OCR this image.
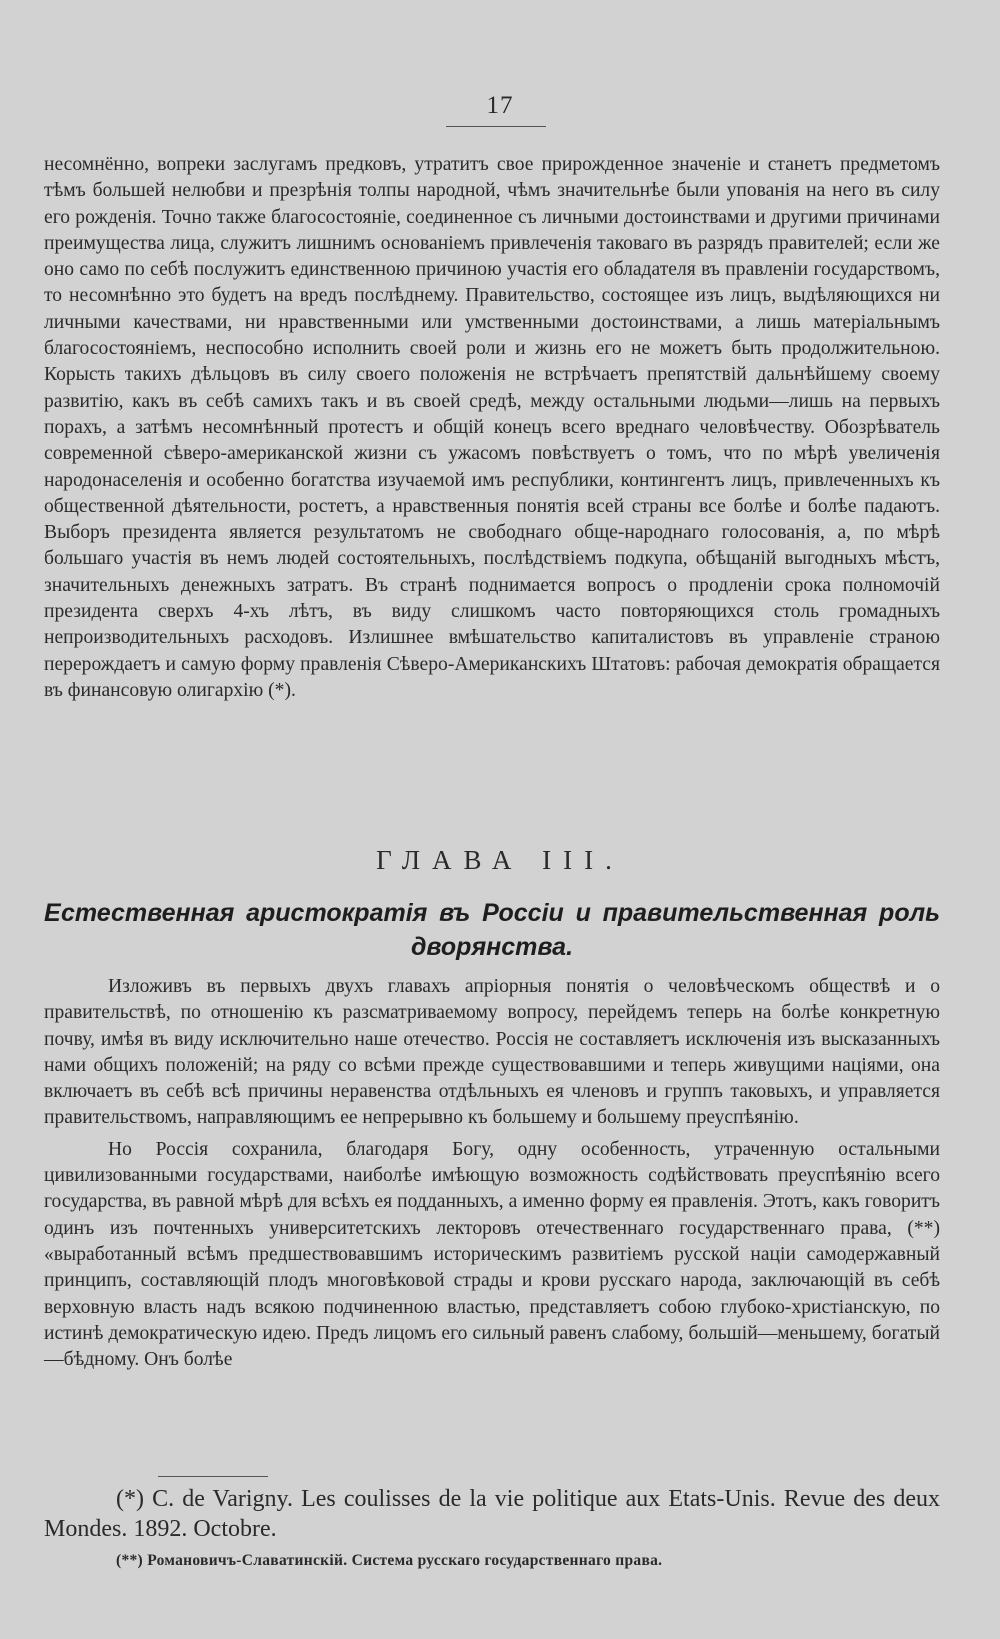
17

несомнённо, вопреки заслугамъ предковъ, утратитъ свое прирожденное значеніе и станетъ предметомъ тѣмъ большей нелюбви и презрѣнія толпы народной, чѣмъ значительнѣе были упованія на него въ силу его рожденія. Точно также благосостояніе, соединенное съ личными достоинствами и другими причинами преимущества лица, служитъ лишнимъ основаніемъ привлеченія таковаго въ разрядъ правителей; если же оно само по себѣ послужитъ единственною причиною участія его обладателя въ правленіи государствомъ, то несомнѣнно это будетъ на вредъ послѣднему. Правительство, состоящее изъ лицъ, выдѣляющихся ни личными качествами, ни нравственными или умственными достоинствами, а лишь матеріальнымъ благосостояніемъ, неспособно исполнить своей роли и жизнь его не можетъ быть продолжительною. Корысть такихъ дѣльцовъ въ силу своего положенія не встрѣчаетъ препятствій дальнѣйшему своему развитію, какъ въ себѣ самихъ такъ и въ своей средѣ, между остальными людьми—лишь на первыхъ порахъ, а затѣмъ несомнѣнный протестъ и общій конецъ всего вреднаго человѣчеству. Обозрѣватель современной сѣверо-американской жизни съ ужасомъ повѣствуетъ о томъ, что по мѣрѣ увеличенія народонаселенія и особенно богатства изучаемой имъ республики, контингентъ лицъ, привлеченныхъ къ общественной дѣятельности, ростетъ, а нравственныя понятія всей страны все болѣе и болѣе падаютъ. Выборъ президента является результатомъ не свободнаго обще-народнаго голосованія, а, по мѣрѣ большаго участія въ немъ людей состоятельныхъ, послѣдствіемъ подкупа, обѣщаній выгодныхъ мѣстъ, значительныхъ денежныхъ затратъ. Въ странѣ поднимается вопросъ о продленіи срока полномочій президента сверхъ 4-хъ лѣтъ, въ виду слишкомъ часто повторяющихся столь громадныхъ непроизводительныхъ расходовъ. Излишнее вмѣшательство капиталистовъ въ управленіе страною перерождаетъ и самую форму правленія Сѣверо-Американскихъ Штатовъ: рабочая демократія обращается въ финансовую олигархію (*).

ГЛАВА III.
Естественная аристократія въ Россіи и правительственная роль дворянства.

Изложивъ въ первыхъ двухъ главахъ апріорныя понятія о человѣческомъ обществѣ и о правительствѣ, по отношенію къ разсматриваемому вопросу, перейдемъ теперь на болѣе конкретную почву, имѣя въ виду исключительно наше отечество. Россія не составляетъ исключенія изъ высказанныхъ нами общихъ положеній; на ряду со всѣми прежде существовавшими и теперь живущими націями, она включаетъ въ себѣ всѣ причины неравенства отдѣльныхъ ея членовъ и группъ таковыхъ, и управляется правительствомъ, направляющимъ ее непрерывно къ большему и большему преуспѣянію.

Но Россія сохранила, благодаря Богу, одну особенность, утраченную остальными цивилизованными государствами, наиболѣе имѣющую возможность содѣйствовать преуспѣянію всего государства, въ равной мѣрѣ для всѣхъ ея подданныхъ, а именно форму ея правленія. Этотъ, какъ говоритъ одинъ изъ почтенныхъ университетскихъ лекторовъ отечественнаго государственнаго права, (**) «выработанный всѣмъ предшествовавшимъ историческимъ развитіемъ русской націи самодержавный принципъ, составляющій плодъ многовѣковой страды и крови русскаго народа, заключающій въ себѣ верховную власть надъ всякою подчиненною властью, представляетъ собою глубоко-христіанскую, по истинѣ демократическую идею. Предъ лицомъ его сильный равенъ слабому, большій—меньшему, богатый—бѣдному. Онъ болѣе

(*) C. de Varigny. Les coulisses de la vie politique aux Etats-Unis. Revue des deux Mondes. 1892. Octobre.

(**) Романовичъ-Славатинскій. Система русскаго государственнаго права.
